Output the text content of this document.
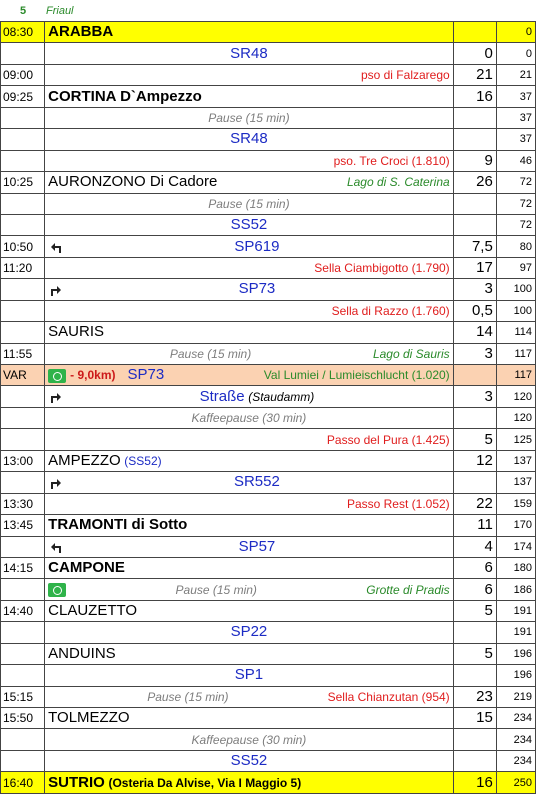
5	Friaul
08:30	ARABBA		0

	SR48	0	0
09:00	pso di Falzarego	21	21
09:25	CORTINA D`Ampezzo	16	37

	Pause (15 min)		37

	SR48		37

	pso. Tre Croci (1.810)	9	46
10:25	AURONZONO Di Cadore Lago di S. Caterina	26	72

	Pause (15 min)		72

	SS52		72
10:50	SP619	7,5	80
11:20	Sella Ciambigotto (1.790)	17	97

	SP73	3	100

	Sella di Razzo (1.760)	0,5	100

	SAURIS	14	114
11:55	Pause (15 min) Lago di Sauris	3	117
VAR	- 9,0km) SP73 Val Lumiei / Lumieischlucht (1.020)		117

	Straße (Staudamm)	3	120

	Kaffeepause (30 min)		120

	Passo del Pura (1.425)	5	125
13:00	AMPEZZO (SS52)	12	137

	SR552		137
13:30	Passo Rest (1.052)	22	159
13:45	TRAMONTI di Sotto	11	170

	SP57	4	174
14:15	CAMPONE	6	180

	Pause (15 min) Grotte di Pradis	6	186
14:40	CLAUZETTO	5	191

	SP22		191

	ANDUINS	5	196

	SP1		196
15:15	Pause (15 min) Sella Chianzutan (954)	23	219
15:50	TOLMEZZO	15	234

	Kaffeepause (30 min)		234

	SS52		234
16:40	SUTRIO (Osteria Da Alvise, Via I Maggio 5)	16	250
